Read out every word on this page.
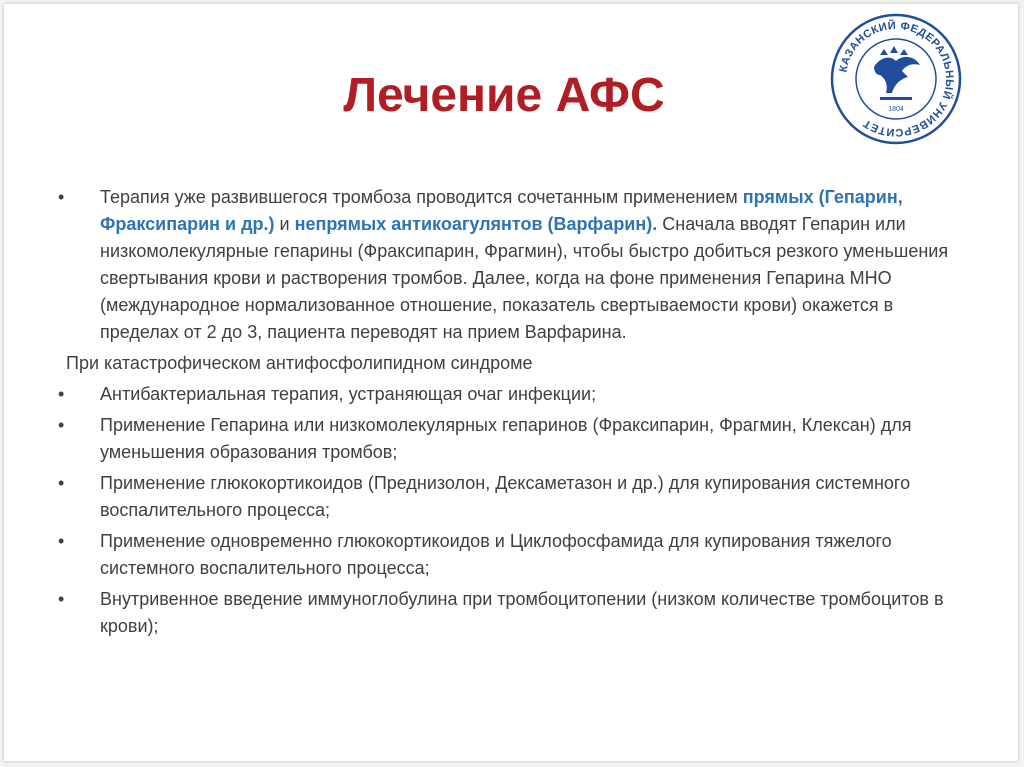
КАЗАНСКИЙ ФЕДЕРАЛЬНЫЙ УНИВЕРСИТЕТ
1804
Лечение АФС
• Терапия уже развившегося тромбоза проводится сочетанным применением прямых (Гепарин, Фраксипарин и др.) и непрямых антикоагулянтов (Варфарин). Сначала вводят Гепарин или низкомолекулярные гепарины (Фраксипарин, Фрагмин), чтобы быстро добиться резкого уменьшения свертывания крови и растворения тромбов. Далее, когда на фоне применения Гепарина МНО (международное нормализованное отношение, показатель свертываемости крови) окажется в пределах от 2 до 3, пациента переводят на прием Варфарина.
При катастрофическом антифосфолипидном синдроме
• Антибактериальная терапия, устраняющая очаг инфекции;
• Применение Гепарина или низкомолекулярных гепаринов (Фраксипарин, Фрагмин, Клексан) для уменьшения образования тромбов;
• Применение глюкокортикоидов (Преднизолон, Дексаметазон и др.) для купирования системного воспалительного процесса;
• Применение одновременно глюкокортикоидов и Циклофосфамида для купирования тяжелого системного воспалительного процесса;
• Внутривенное введение иммуноглобулина при тромбоцитопении (низком количестве тромбоцитов в крови);
